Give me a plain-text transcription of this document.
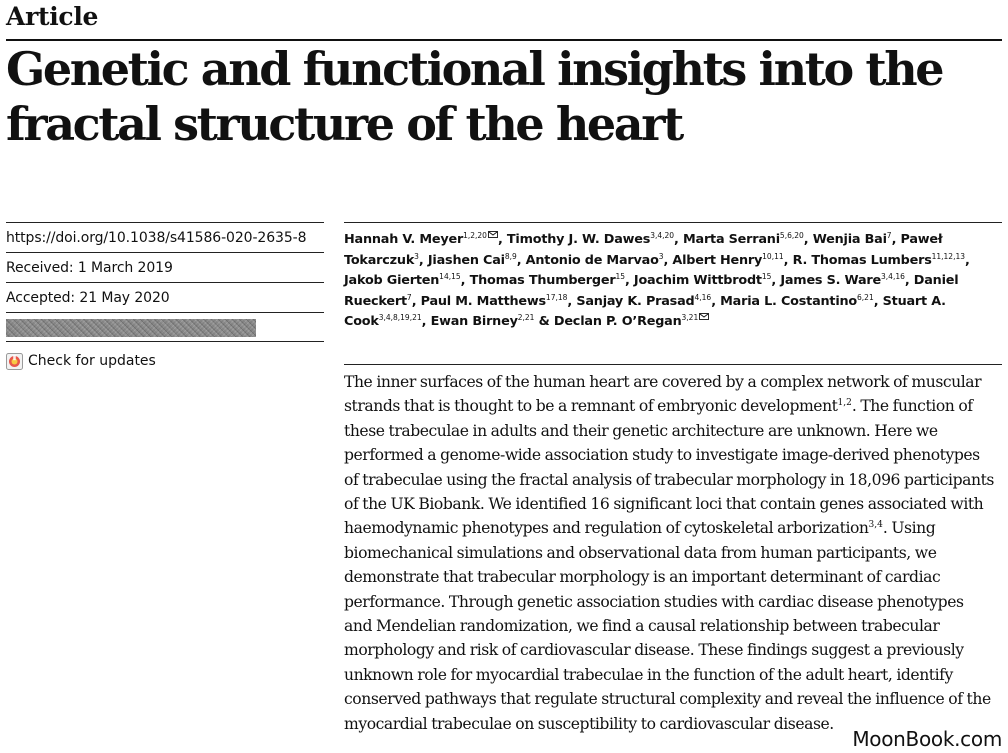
Article
Genetic and functional insights into the
fractal structure of the heart
https://doi.org/10.1038/s41586-020-2635-8
Received: 1 March 2019
Accepted: 21 May 2020
Check for updates

Hannah V. Meyer$^{1,2,20}$ , Timothy J. W. Dawes$^{3,4,20}$, Marta Serrani$^{5,6,20}$, Wenjia Bai$^7$, Paweł Tokarczuk$^3$, Jiashen Cai$^{8,9}$, Antonio de Marvao$^3$, Albert Henry$^{10,11}$, R. Thomas Lumbers$^{11,12,13}$, Jakob Gierten$^{14,15}$, Thomas Thumberger$^{15}$, Joachim Wittbrodt$^{15}$, James S. Ware$^{3,4,16}$, Daniel Rueckert$^7$, Paul M. Matthews$^{17,18}$, Sanjay K. Prasad$^{4,16}$, Maria L. Costantino$^{6,21}$, Stuart A. Cook$^{3,4,8,19,21}$, Ewan Birney$^{2,21}$ & Declan P. O’Regan$^{3,21}$

The inner surfaces of the human heart are covered by a complex network of muscular
strands that is thought to be a remnant of embryonic development$^{1,2}$. The function of
these trabeculae in adults and their genetic architecture are unknown. Here we
performed a genome-wide association study to investigate image-derived phenotypes
of trabeculae using the fractal analysis of trabecular morphology in 18,096 participants
of the UK Biobank. We identified 16 significant loci that contain genes associated with
haemodynamic phenotypes and regulation of cytoskeletal arborization$^{3,4}$. Using
biomechanical simulations and observational data from human participants, we
demonstrate that trabecular morphology is an important determinant of cardiac
performance. Through genetic association studies with cardiac disease phenotypes
and Mendelian randomization, we find a causal relationship between trabecular
morphology and risk of cardiovascular disease. These findings suggest a previously
unknown role for myocardial trabeculae in the function of the adult heart, identify
conserved pathways that regulate structural complexity and reveal the influence of the
myocardial trabeculae on susceptibility to cardiovascular disease.

MoonBook.com
